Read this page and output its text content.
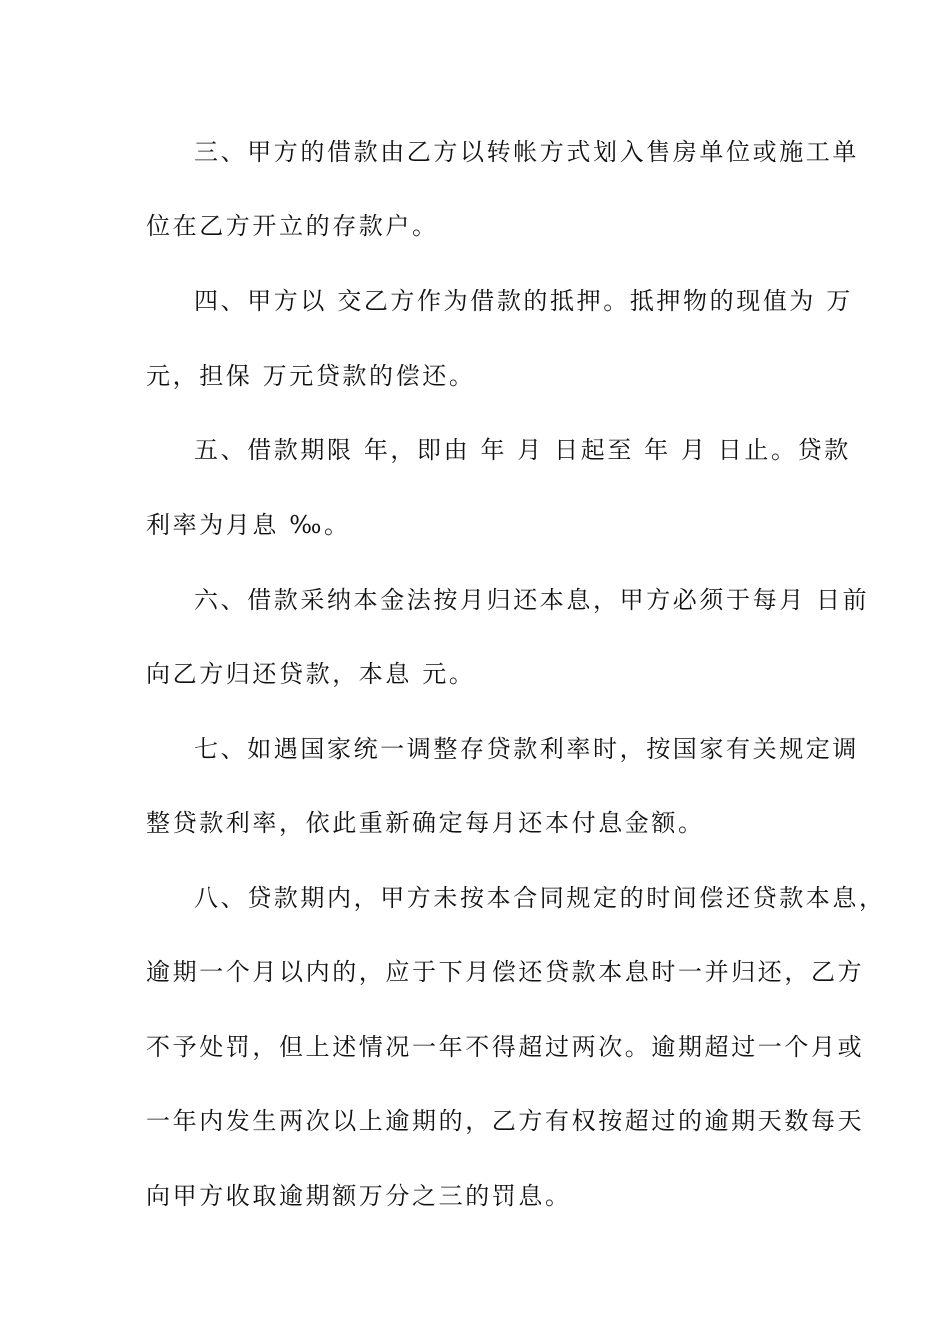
三、甲方的借款由乙方以转帐方式划入售房单位或施工单
位在乙方开立的存款户。
四、甲方以 交乙方作为借款的抵押。抵押物的现值为 万
元，担保 万元贷款的偿还。
五、借款期限 年，即由 年 月 日起至 年 月 日止。贷款
利率为月息 ‰。
六、借款采纳本金法按月归还本息，甲方必须于每月 日前
向乙方归还贷款，本息 元。
七、如遇国家统一调整存贷款利率时，按国家有关规定调
整贷款利率，依此重新确定每月还本付息金额。
八、贷款期内，甲方未按本合同规定的时间偿还贷款本息，
逾期一个月以内的，应于下月偿还贷款本息时一并归还，乙方
不予处罚，但上述情况一年不得超过两次。逾期超过一个月或
一年内发生两次以上逾期的，乙方有权按超过的逾期天数每天
向甲方收取逾期额万分之三的罚息。
